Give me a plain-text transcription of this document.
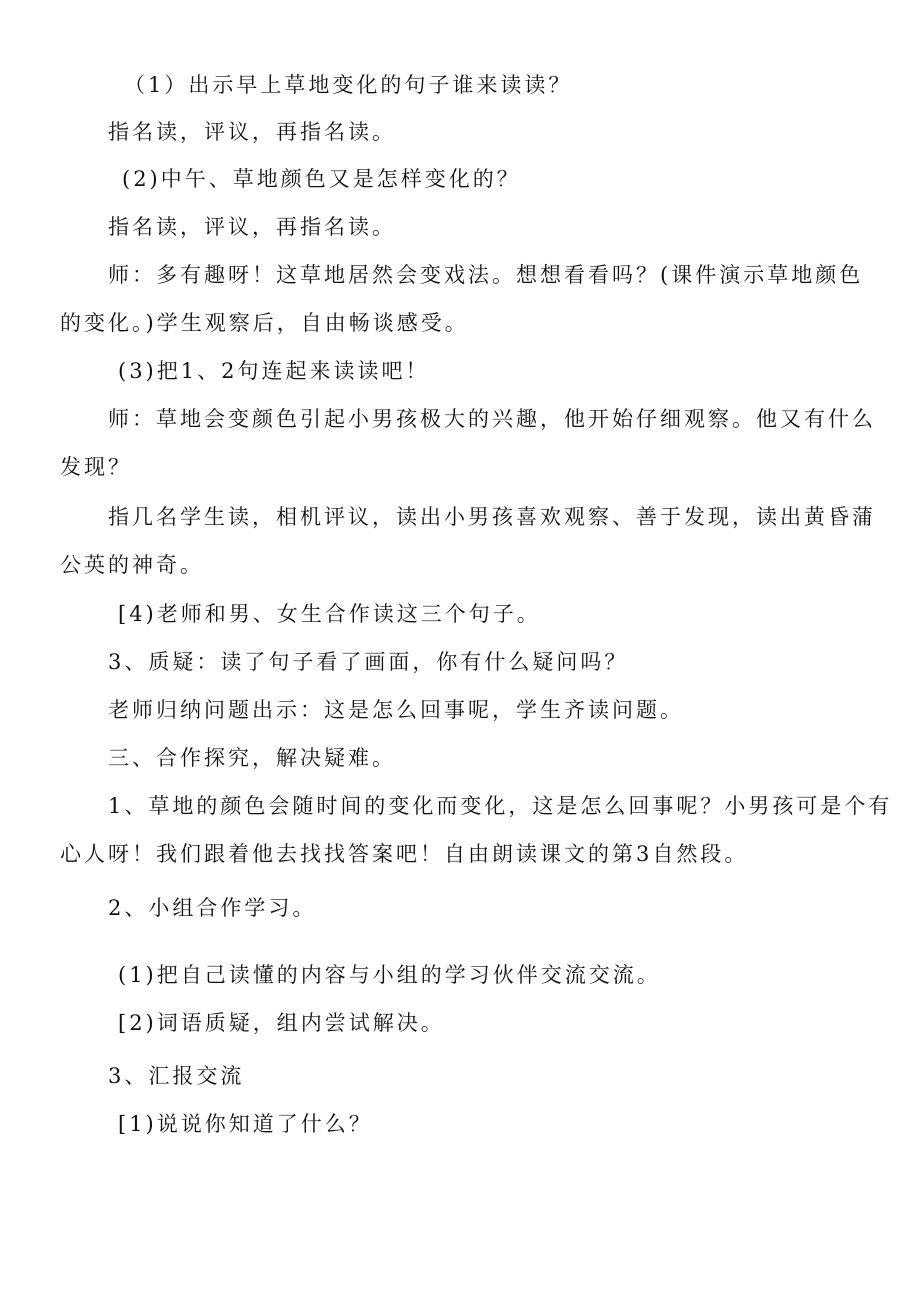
（1）出示早上草地变化的句子谁来读读？
指名读，评议，再指名读。
(2)中午、草地颜色又是怎样变化的？
指名读，评议，再指名读。
师：多有趣呀！这草地居然会变戏法。想想看看吗？(课件演示草地颜色
的变化。)学生观察后，自由畅谈感受。
(3)把1、2句连起来读读吧！
师：草地会变颜色引起小男孩极大的兴趣，他开始仔细观察。他又有什么
发现？
指几名学生读，相机评议，读出小男孩喜欢观察、善于发现，读出黄昏蒲
公英的神奇。
[4)老师和男、女生合作读这三个句子。
3、质疑：读了句子看了画面，你有什么疑问吗？
老师归纳问题出示：这是怎么回事呢，学生齐读问题。
三、合作探究，解决疑难。
1、草地的颜色会随时间的变化而变化，这是怎么回事呢？小男孩可是个有
心人呀！我们跟着他去找找答案吧！自由朗读课文的第3自然段。
2、小组合作学习。
(1)把自己读懂的内容与小组的学习伙伴交流交流。
[2)词语质疑，组内尝试解决。
3、汇报交流
[1)说说你知道了什么？
